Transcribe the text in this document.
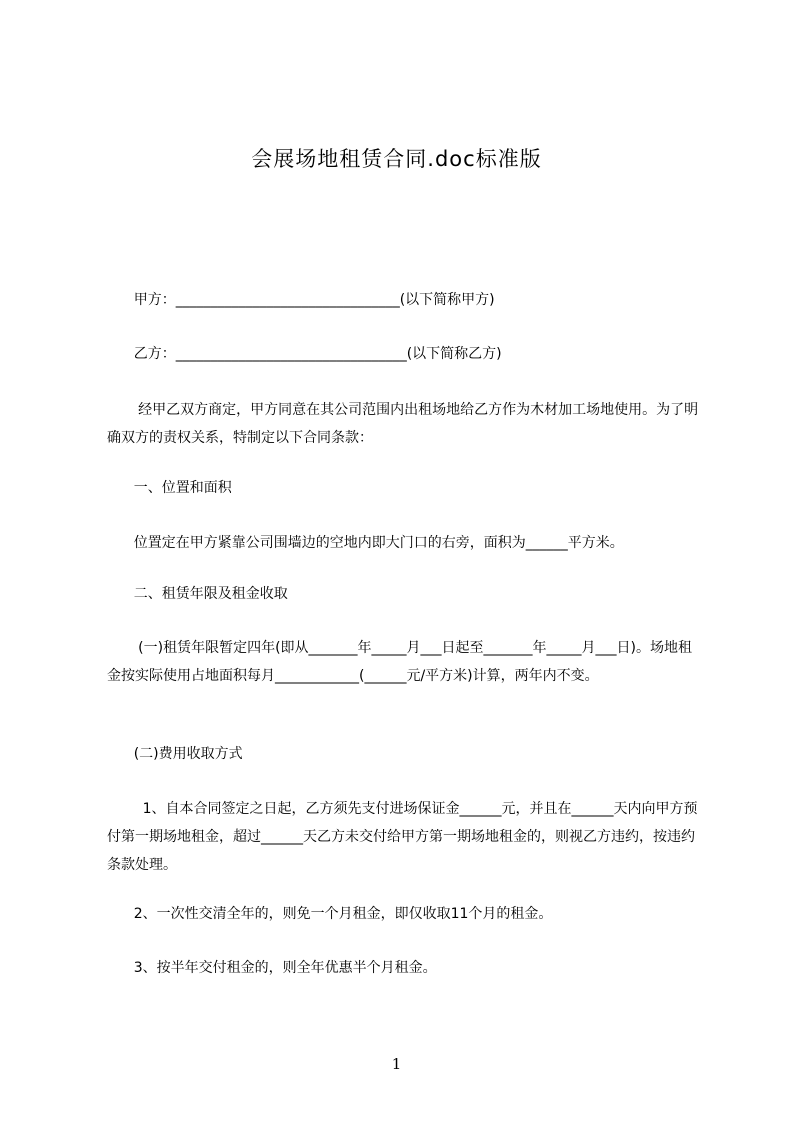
会展场地租赁合同.doc标准版
甲方：________________________________(以下简称甲方)
乙方：_________________________________(以下简称乙方)
经甲乙双方商定，甲方同意在其公司范围内出租场地给乙方作为木材加工场地使用。为了明确双方的责权关系，特制定以下合同条款：
一、位置和面积
位置定在甲方紧靠公司围墙边的空地内即大门口的右旁，面积为______平方米。
二、租赁年限及租金收取
(一)租赁年限暂定四年(即从_______年_____月___日起至_______年_____月___日)。场地租金按实际使用占地面积每月____________(______元/平方米)计算，两年内不变。
(二)费用收取方式
1、自本合同签定之日起，乙方须先支付进场保证金______元，并且在______天内向甲方预付第一期场地租金，超过______天乙方未交付给甲方第一期场地租金的，则视乙方违约，按违约条款处理。
2、一次性交清全年的，则免一个月租金，即仅收取11个月的租金。
3、按半年交付租金的，则全年优惠半个月租金。
1
